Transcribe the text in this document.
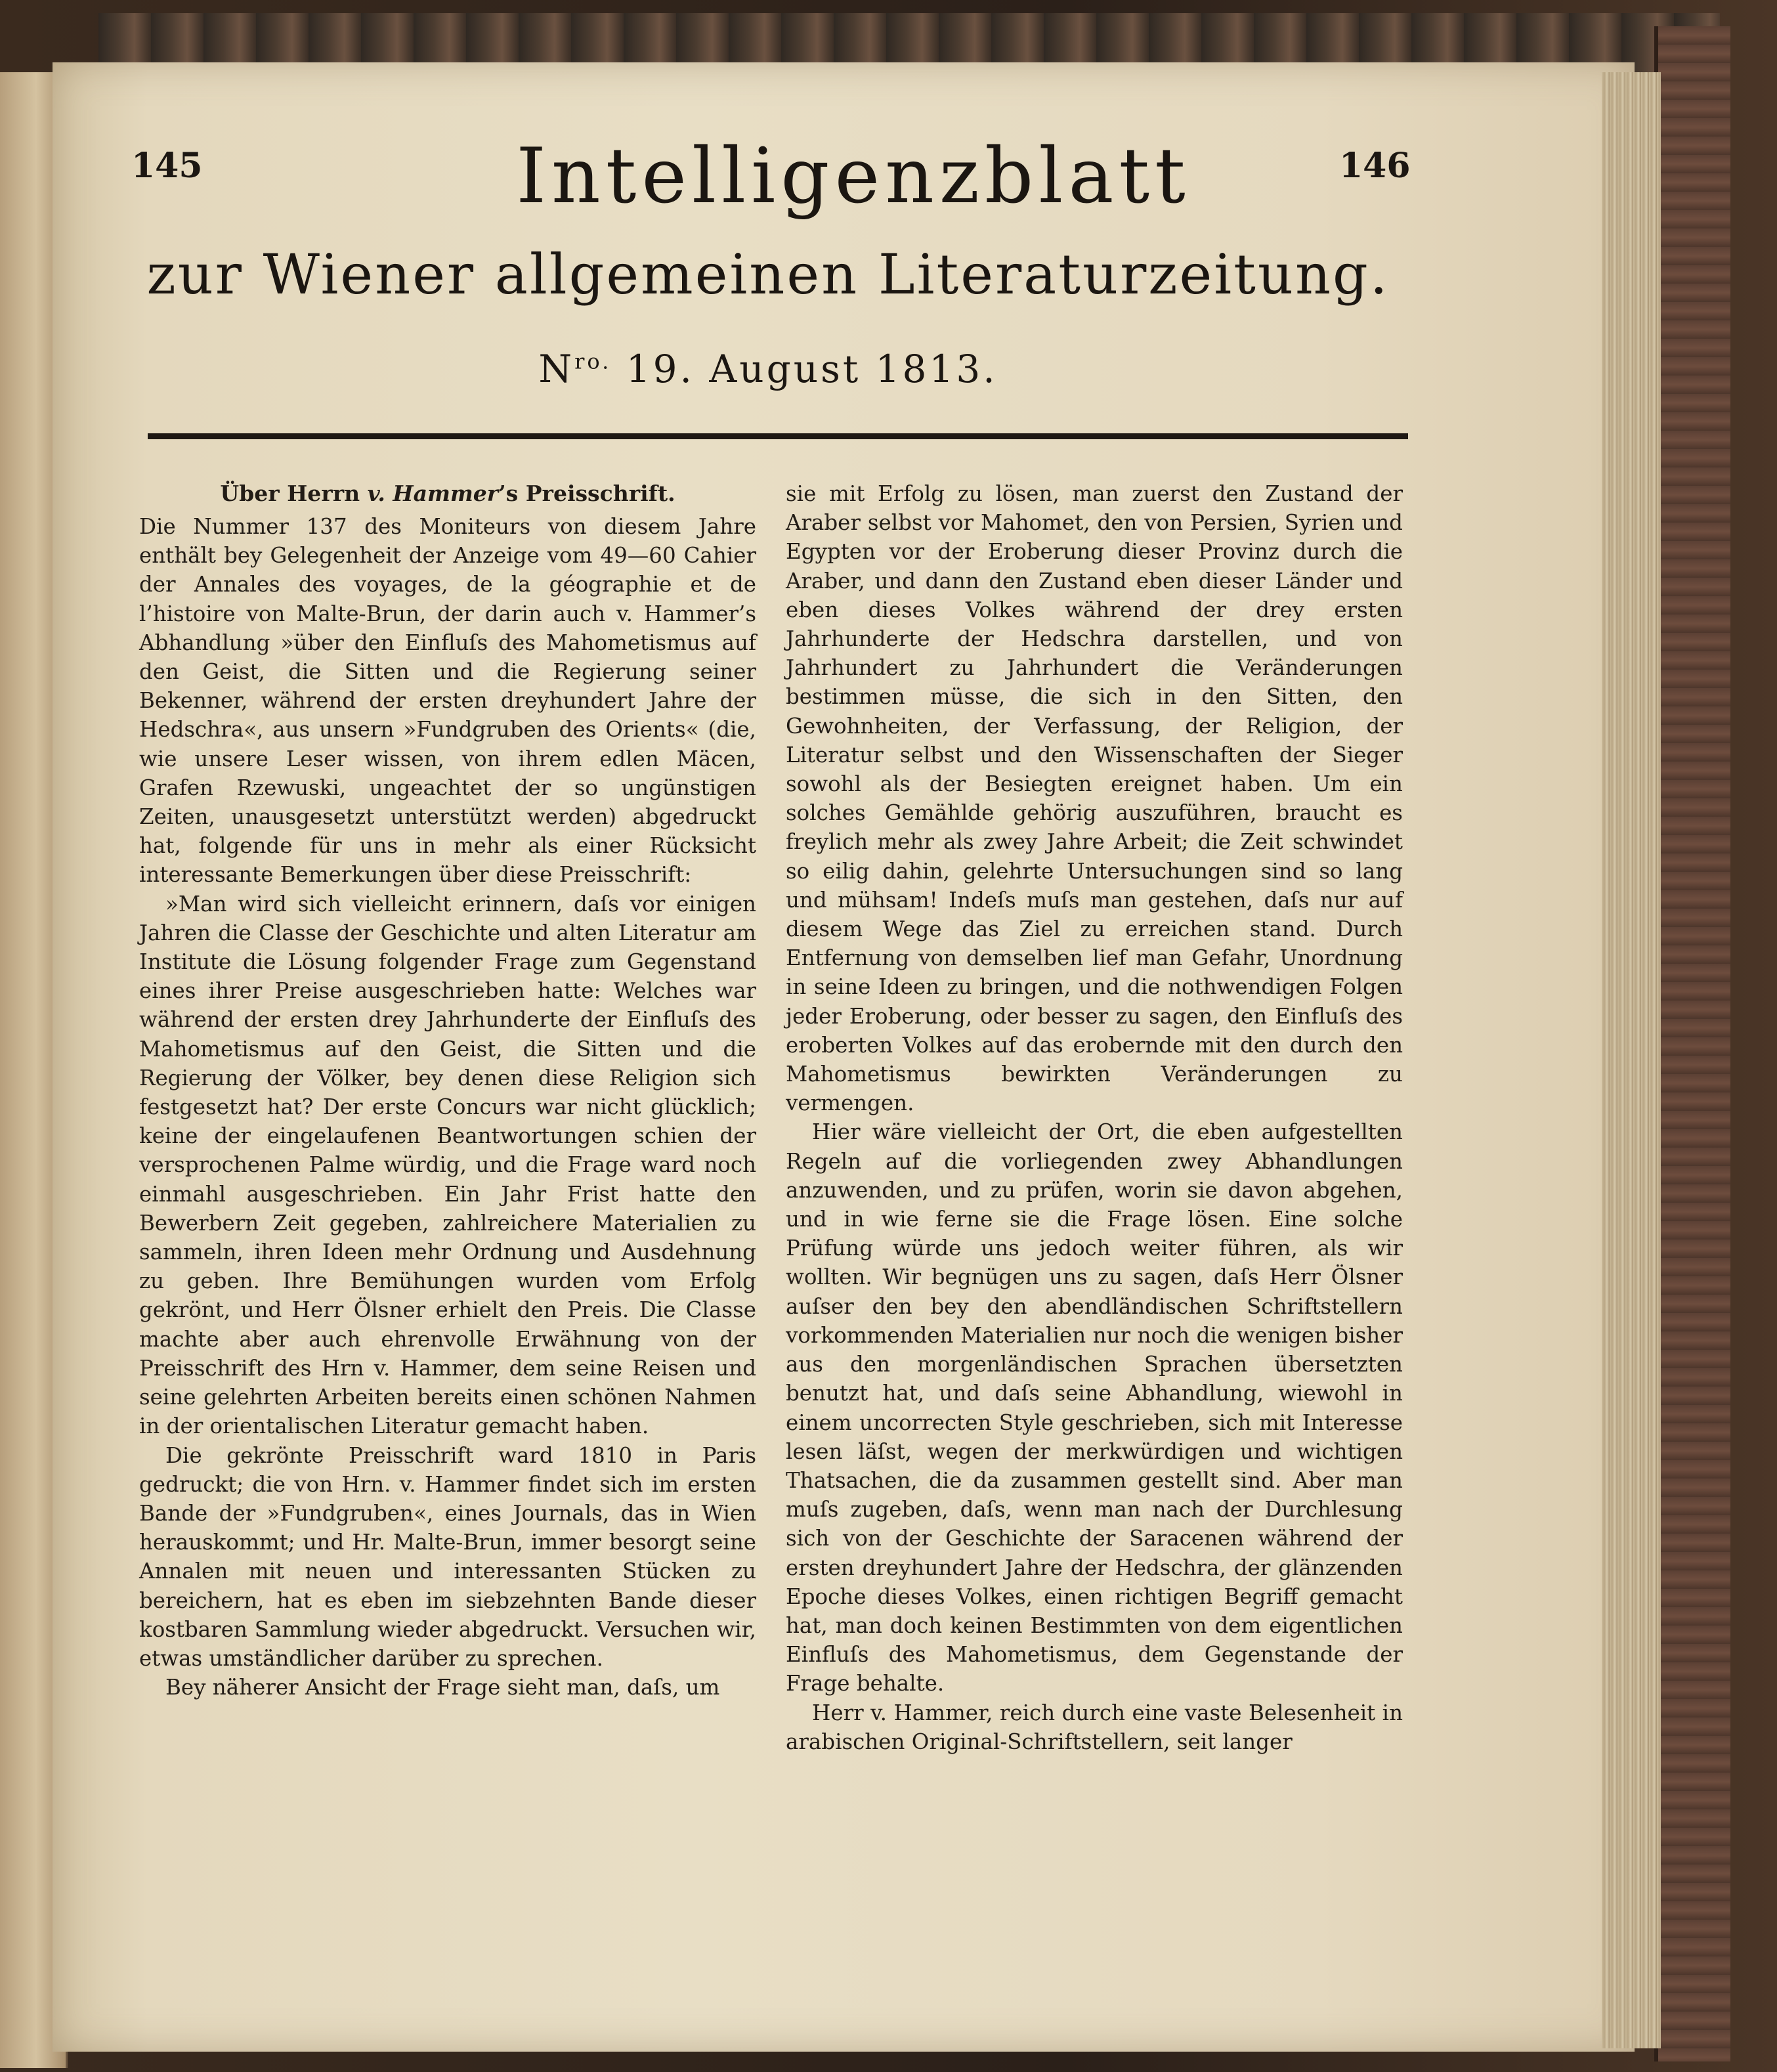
145	146
Intelligenzblatt
zur Wiener allgemeinen Literaturzeitung.
$N^{ro.}$ 19. August 1813.
Über Herrn v. Hammer’s Preisschrift.

Die Nummer 137 des Moniteurs von diesem Jahre enthält bey Gelegenheit der Anzeige vom 49—60 Cahier der Annales des voyages, de la géographie et de l’histoire von Malte-Brun, der darin auch v. Hammer’s Abhandlung »über den Einfluſs des Mahometismus auf den Geist, die Sitten und die Regierung seiner Bekenner, während der ersten dreyhundert Jahre der Hedschra«, aus unsern »Fundgruben des Orients« (die, wie unsere Leser wissen, von ihrem edlen Mäcen, Grafen Rzewuski, ungeachtet der so ungünstigen Zeiten, unausgesetzt unterstützt werden) abgedruckt hat, folgende für uns in mehr als einer Rücksicht interessante Bemerkungen über diese Preisschrift:

»Man wird sich vielleicht erinnern, daſs vor einigen Jahren die Classe der Geschichte und alten Literatur am Institute die Lösung folgender Frage zum Gegenstand eines ihrer Preise ausgeschrieben hatte: Welches war während der ersten drey Jahrhunderte der Einfluſs des Mahometismus auf den Geist, die Sitten und die Regierung der Völker, bey denen diese Religion sich festgesetzt hat? Der erste Concurs war nicht glücklich; keine der eingelaufenen Beantwortungen schien der versprochenen Palme würdig, und die Frage ward noch einmahl ausgeschrieben. Ein Jahr Frist hatte den Bewerbern Zeit gegeben, zahlreichere Materialien zu sammeln, ihren Ideen mehr Ordnung und Ausdehnung zu geben. Ihre Bemühungen wurden vom Erfolg gekrönt, und Herr Ölsner erhielt den Preis. Die Classe machte aber auch ehrenvolle Erwähnung von der Preisschrift des Hrn v. Hammer, dem seine Reisen und seine gelehrten Arbeiten bereits einen schönen Nahmen in der orientalischen Literatur gemacht haben.

Die gekrönte Preisschrift ward 1810 in Paris gedruckt; die von Hrn. v. Hammer findet sich im ersten Bande der »Fundgruben«, eines Journals, das in Wien herauskommt; und Hr. Malte-Brun, immer besorgt seine Annalen mit neuen und interessanten Stücken zu bereichern, hat es eben im siebzehnten Bande dieser kostbaren Sammlung wieder abgedruckt. Versuchen wir, etwas umständlicher darüber zu sprechen.

Bey näherer Ansicht der Frage sieht man, daſs, um

sie mit Erfolg zu lösen, man zuerst den Zustand der Araber selbst vor Mahomet, den von Persien, Syrien und Egypten vor der Eroberung dieser Provinz durch die Araber, und dann den Zustand eben dieser Länder und eben dieses Volkes während der drey ersten Jahrhunderte der Hedschra darstellen, und von Jahrhundert zu Jahrhundert die Veränderungen bestimmen müsse, die sich in den Sitten, den Gewohnheiten, der Verfassung, der Religion, der Literatur selbst und den Wissenschaften der Sieger sowohl als der Besiegten ereignet haben. Um ein solches Gemählde gehörig auszuführen, braucht es freylich mehr als zwey Jahre Arbeit; die Zeit schwindet so eilig dahin, gelehrte Untersuchungen sind so lang und mühsam! Indeſs muſs man gestehen, daſs nur auf diesem Wege das Ziel zu erreichen stand. Durch Entfernung von demselben lief man Gefahr, Unordnung in seine Ideen zu bringen, und die nothwendigen Folgen jeder Eroberung, oder besser zu sagen, den Einfluſs des eroberten Volkes auf das erobernde mit den durch den Mahometismus bewirkten Veränderungen zu vermengen.

Hier wäre vielleicht der Ort, die eben aufgestellten Regeln auf die vorliegenden zwey Abhandlungen anzuwenden, und zu prüfen, worin sie davon abgehen, und in wie ferne sie die Frage lösen. Eine solche Prüfung würde uns jedoch weiter führen, als wir wollten. Wir begnügen uns zu sagen, daſs Herr Ölsner auſser den bey den abendländischen Schriftstellern vorkommenden Materialien nur noch die wenigen bisher aus den morgenländischen Sprachen übersetzten benutzt hat, und daſs seine Abhandlung, wiewohl in einem uncorrecten Style geschrieben, sich mit Interesse lesen läſst, wegen der merkwürdigen und wichtigen Thatsachen, die da zusammen gestellt sind. Aber man muſs zugeben, daſs, wenn man nach der Durchlesung sich von der Geschichte der Saracenen während der ersten dreyhundert Jahre der Hedschra, der glänzenden Epoche dieses Volkes, einen richtigen Begriff gemacht hat, man doch keinen Bestimmten von dem eigentlichen Einfluſs des Mahometismus, dem Gegenstande der Frage behalte.

Herr v. Hammer, reich durch eine vaste Belesenheit in arabischen Original-Schriftstellern, seit langer
